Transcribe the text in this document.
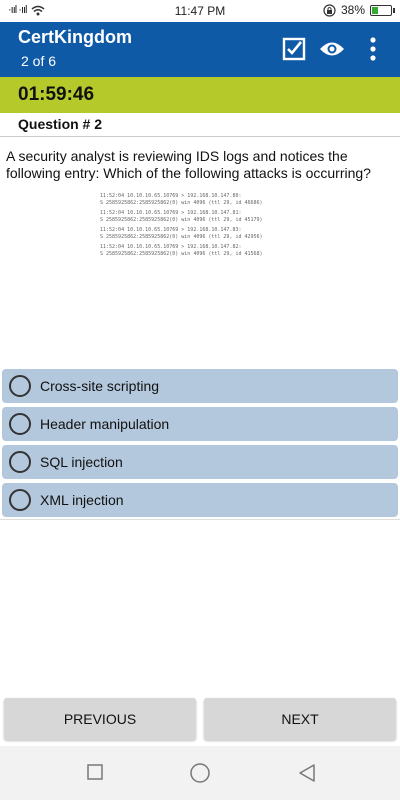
·ııl ·ııl	11:47 PM	38%
CertKingdom
2 of 6
01:59:46
Question # 2
A security analyst is reviewing IDS logs and notices the following entry: Which of the following attacks is occurring?
11:52:04 10.10.10.65.10769 > 192.168.10.147.80:
S 2585925862:2585925862(0) win 4096 (ttl 29, id 46686)
11:52:04 10.10.10.65.10769 > 192.168.10.147.81:
S 2585925862:2585925862(0) win 4096 (ttl 29, id 45179)
11:52:04 10.10.10.65.10769 > 192.168.10.147.83:
S 2585925862:2585925862(0) win 4096 (ttl 29, id 42956)
11:52:04 10.10.10.65.10769 > 192.168.10.147.82:
S 2585925862:2585925862(0) win 4096 (ttl 29, id 41568)
Cross-site scripting
Header manipulation
SQL injection
XML injection
PREVIOUS	NEXT
